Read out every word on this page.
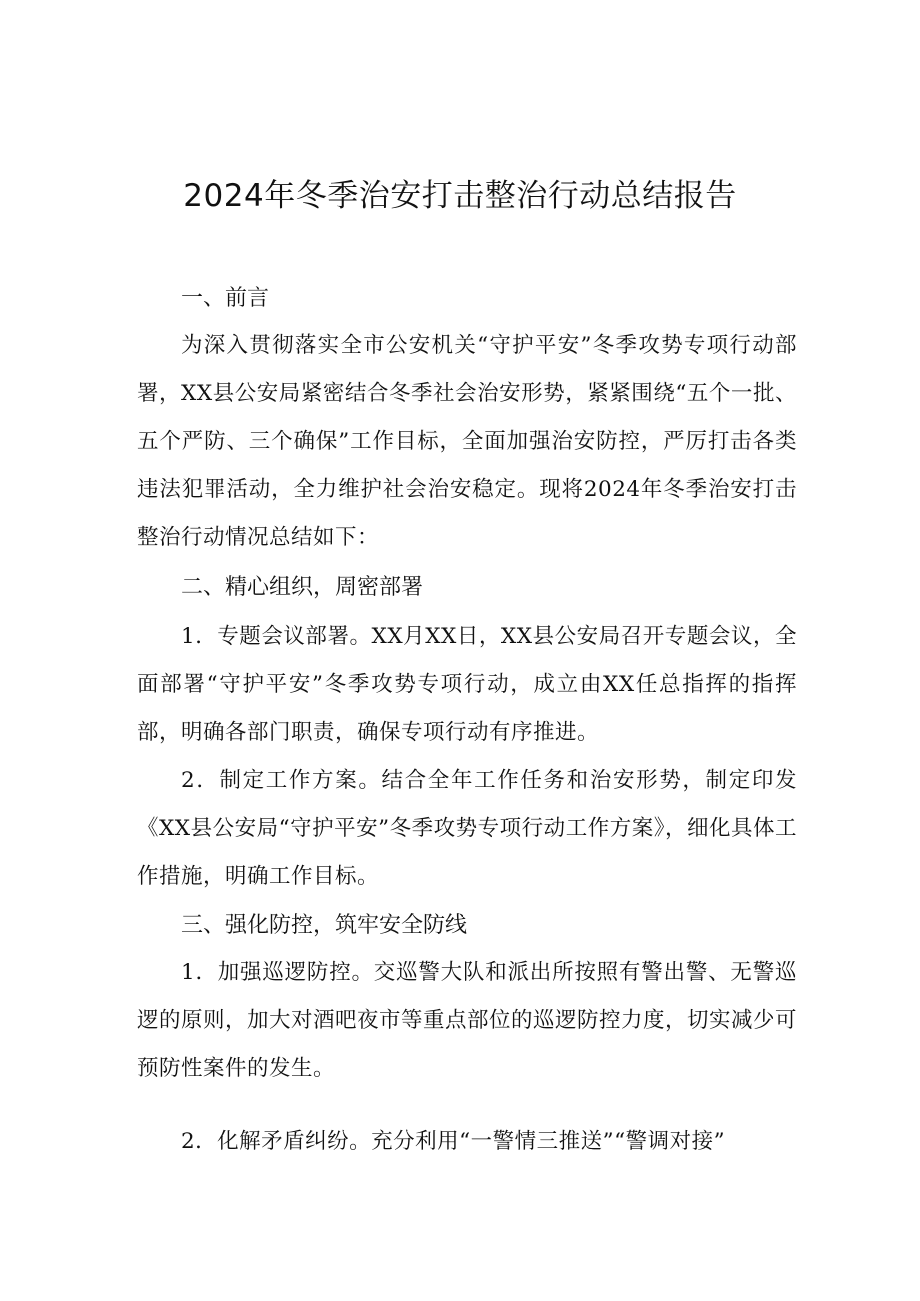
2024年冬季治安打击整治行动总结报告
一、前言
为深入贯彻落实全市公安机关“守护平安”冬季攻势专项行动部署，XX县公安局紧密结合冬季社会治安形势，紧紧围绕“五个一批、五个严防、三个确保”工作目标，全面加强治安防控，严厉打击各类违法犯罪活动，全力维护社会治安稳定。现将2024年冬季治安打击整治行动情况总结如下：
二、精心组织，周密部署
1．专题会议部署。XX月XX日，XX县公安局召开专题会议，全面部署“守护平安”冬季攻势专项行动，成立由XX任总指挥的指挥部，明确各部门职责，确保专项行动有序推进。
2．制定工作方案。结合全年工作任务和治安形势，制定印发《XX县公安局“守护平安”冬季攻势专项行动工作方案》，细化具体工作措施，明确工作目标。
三、强化防控，筑牢安全防线
1．加强巡逻防控。交巡警大队和派出所按照有警出警、无警巡逻的原则，加大对酒吧夜市等重点部位的巡逻防控力度，切实减少可预防性案件的发生。
2．化解矛盾纠纷。充分利用“一警情三推送”“警调对接”
